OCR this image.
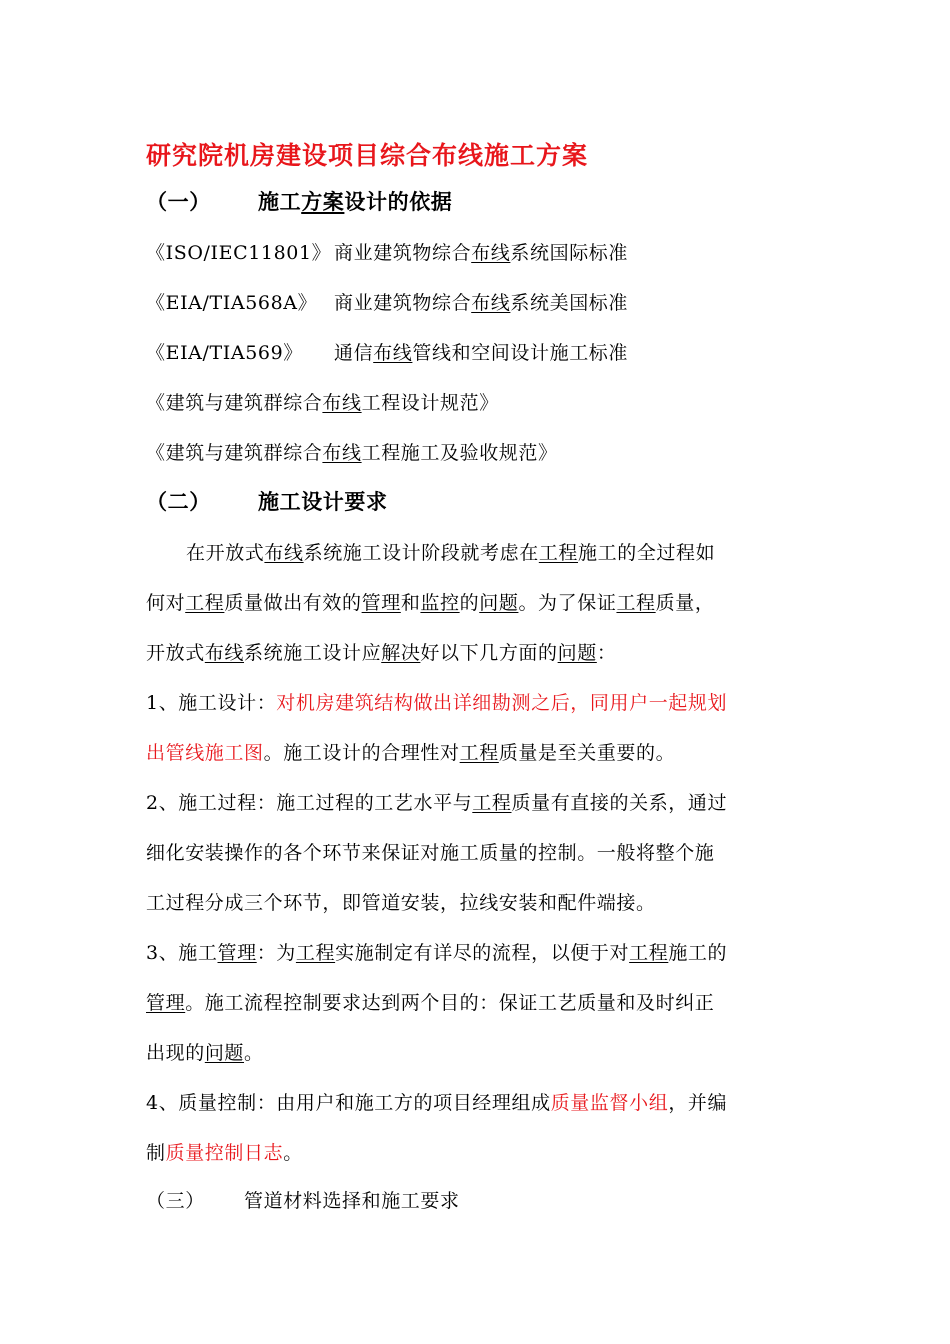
研究院机房建设项目综合布线施工方案
（一） 施工方案设计的依据
《ISO/IEC11801》 商业建筑物综合布线系统国际标准
《EIA/TIA568A》 商业建筑物综合布线系统美国标准
《EIA/TIA569》 通信布线管线和空间设计施工标准
《建筑与建筑群综合布线工程设计规范》
《建筑与建筑群综合布线工程施工及验收规范》
（二） 施工设计要求
在开放式布线系统施工设计阶段就考虑在工程施工的全过程如
何对工程质量做出有效的管理和监控的问题。为了保证工程质量，
开放式布线系统施工设计应解决好以下几方面的问题：
1、施工设计：对机房建筑结构做出详细勘测之后，同用户一起规划
出管线施工图。施工设计的合理性对工程质量是至关重要的。
2、施工过程：施工过程的工艺水平与工程质量有直接的关系，通过
细化安装操作的各个环节来保证对施工质量的控制。一般将整个施
工过程分成三个环节，即管道安装，拉线安装和配件端接。
3、施工管理：为工程实施制定有详尽的流程，以便于对工程施工的
管理。施工流程控制要求达到两个目的：保证工艺质量和及时纠正
出现的问题。
4、质量控制：由用户和施工方的项目经理组成质量监督小组，并编
制质量控制日志。
（三） 管道材料选择和施工要求
